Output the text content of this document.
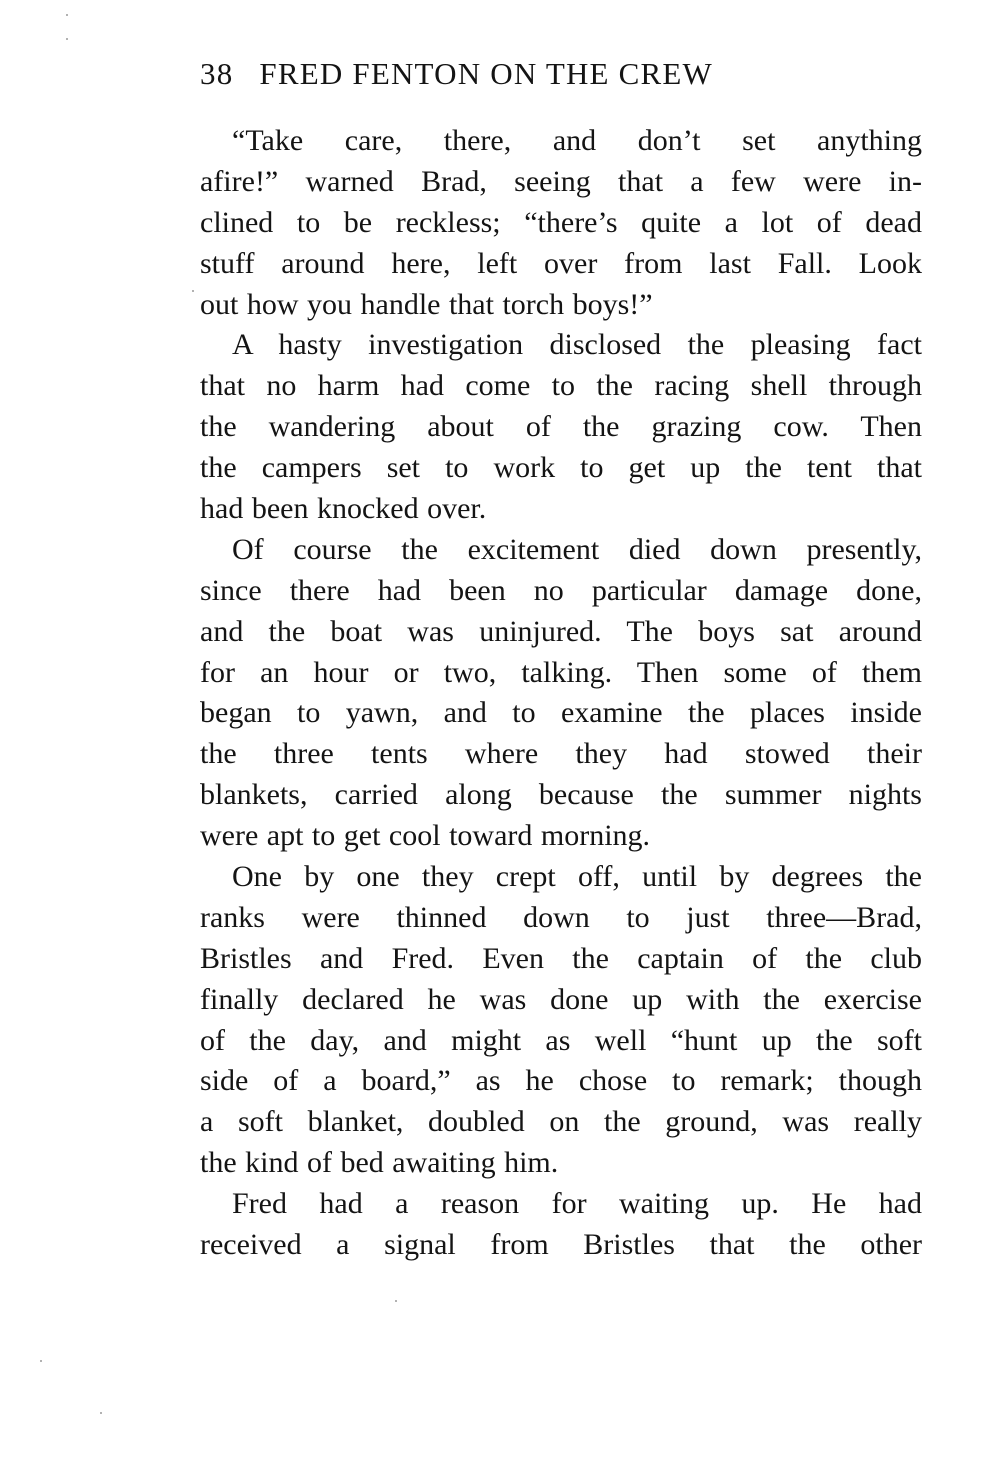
38 FRED FENTON ON THE CREW
“Take care, there, and don’t set anything
afire!” warned Brad, seeing that a few were in-
clined to be reckless; “there’s quite a lot of dead
stuff around here, left over from last Fall. Look
out how you handle that torch boys!”
A hasty investigation disclosed the pleasing fact
that no harm had come to the racing shell through
the wandering about of the grazing cow. Then
the campers set to work to get up the tent that
had been knocked over.
Of course the excitement died down presently,
since there had been no particular damage done,
and the boat was uninjured. The boys sat around
for an hour or two, talking. Then some of them
began to yawn, and to examine the places inside
the three tents where they had stowed their
blankets, carried along because the summer nights
were apt to get cool toward morning.
One by one they crept off, until by degrees the
ranks were thinned down to just three—Brad,
Bristles and Fred. Even the captain of the club
finally declared he was done up with the exercise
of the day, and might as well “hunt up the soft
side of a board,” as he chose to remark; though
a soft blanket, doubled on the ground, was really
the kind of bed awaiting him.
Fred had a reason for waiting up. He had
received a signal from Bristles that the other
